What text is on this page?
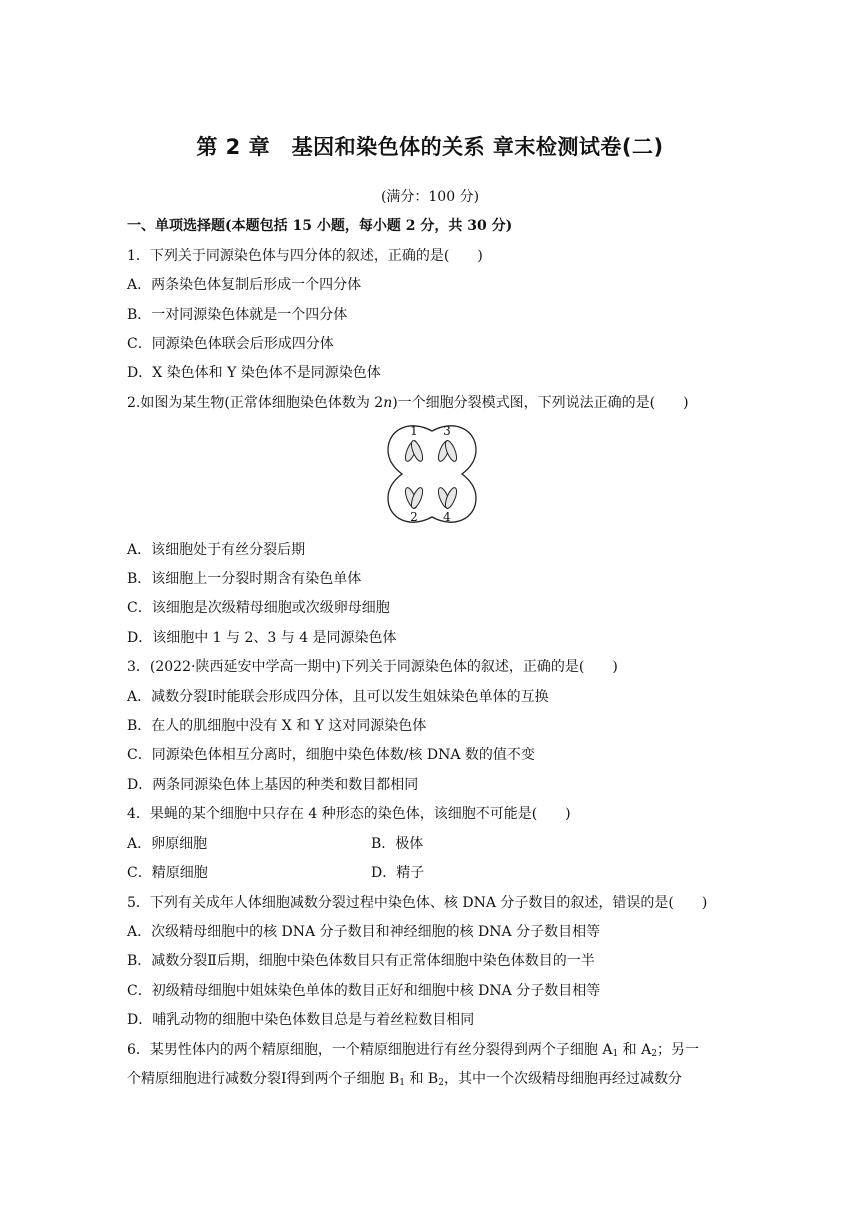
第 2 章　基因和染色体的关系 章末检测试卷(二)
(满分：100 分)
一、单项选择题(本题包括 15 小题，每小题 2 分，共 30 分)
1．下列关于同源染色体与四分体的叙述，正确的是(　　)
A．两条染色体复制后形成一个四分体
B．一对同源染色体就是一个四分体
C．同源染色体联会后形成四分体
D．X 染色体和 Y 染色体不是同源染色体
2.如图为某生物(正常体细胞染色体数为 2n)一个细胞分裂模式图，下列说法正确的是(　　)
1 3
2 4
A．该细胞处于有丝分裂后期
B．该细胞上一分裂时期含有染色单体
C．该细胞是次级精母细胞或次级卵母细胞
D．该细胞中 1 与 2、3 与 4 是同源染色体
3．(2022·陕西延安中学高一期中)下列关于同源染色体的叙述，正确的是(　　)
A．减数分裂Ⅰ时能联会形成四分体，且可以发生姐妹染色单体的互换
B．在人的肌细胞中没有 X 和 Y 这对同源染色体
C．同源染色体相互分离时，细胞中染色体数/核 DNA 数的值不变
D．两条同源染色体上基因的种类和数目都相同
4．果蝇的某个细胞中只存在 4 种形态的染色体，该细胞不可能是(　　)
A．卵原细胞	B．极体
C．精原细胞	D．精子
5．下列有关成年人体细胞减数分裂过程中染色体、核 DNA 分子数目的叙述，错误的是(　　)
A．次级精母细胞中的核 DNA 分子数目和神经细胞的核 DNA 分子数目相等
B．减数分裂Ⅱ后期，细胞中染色体数目只有正常体细胞中染色体数目的一半
C．初级精母细胞中姐妹染色单体的数目正好和细胞中核 DNA 分子数目相等
D．哺乳动物的细胞中染色体数目总是与着丝粒数目相同
6．某男性体内的两个精原细胞，一个精原细胞进行有丝分裂得到两个子细胞 $A_1$ 和 $A_2$；另一
个精原细胞进行减数分裂Ⅰ得到两个子细胞 $B_1$ 和 $B_2$，其中一个次级精母细胞再经过减数分
